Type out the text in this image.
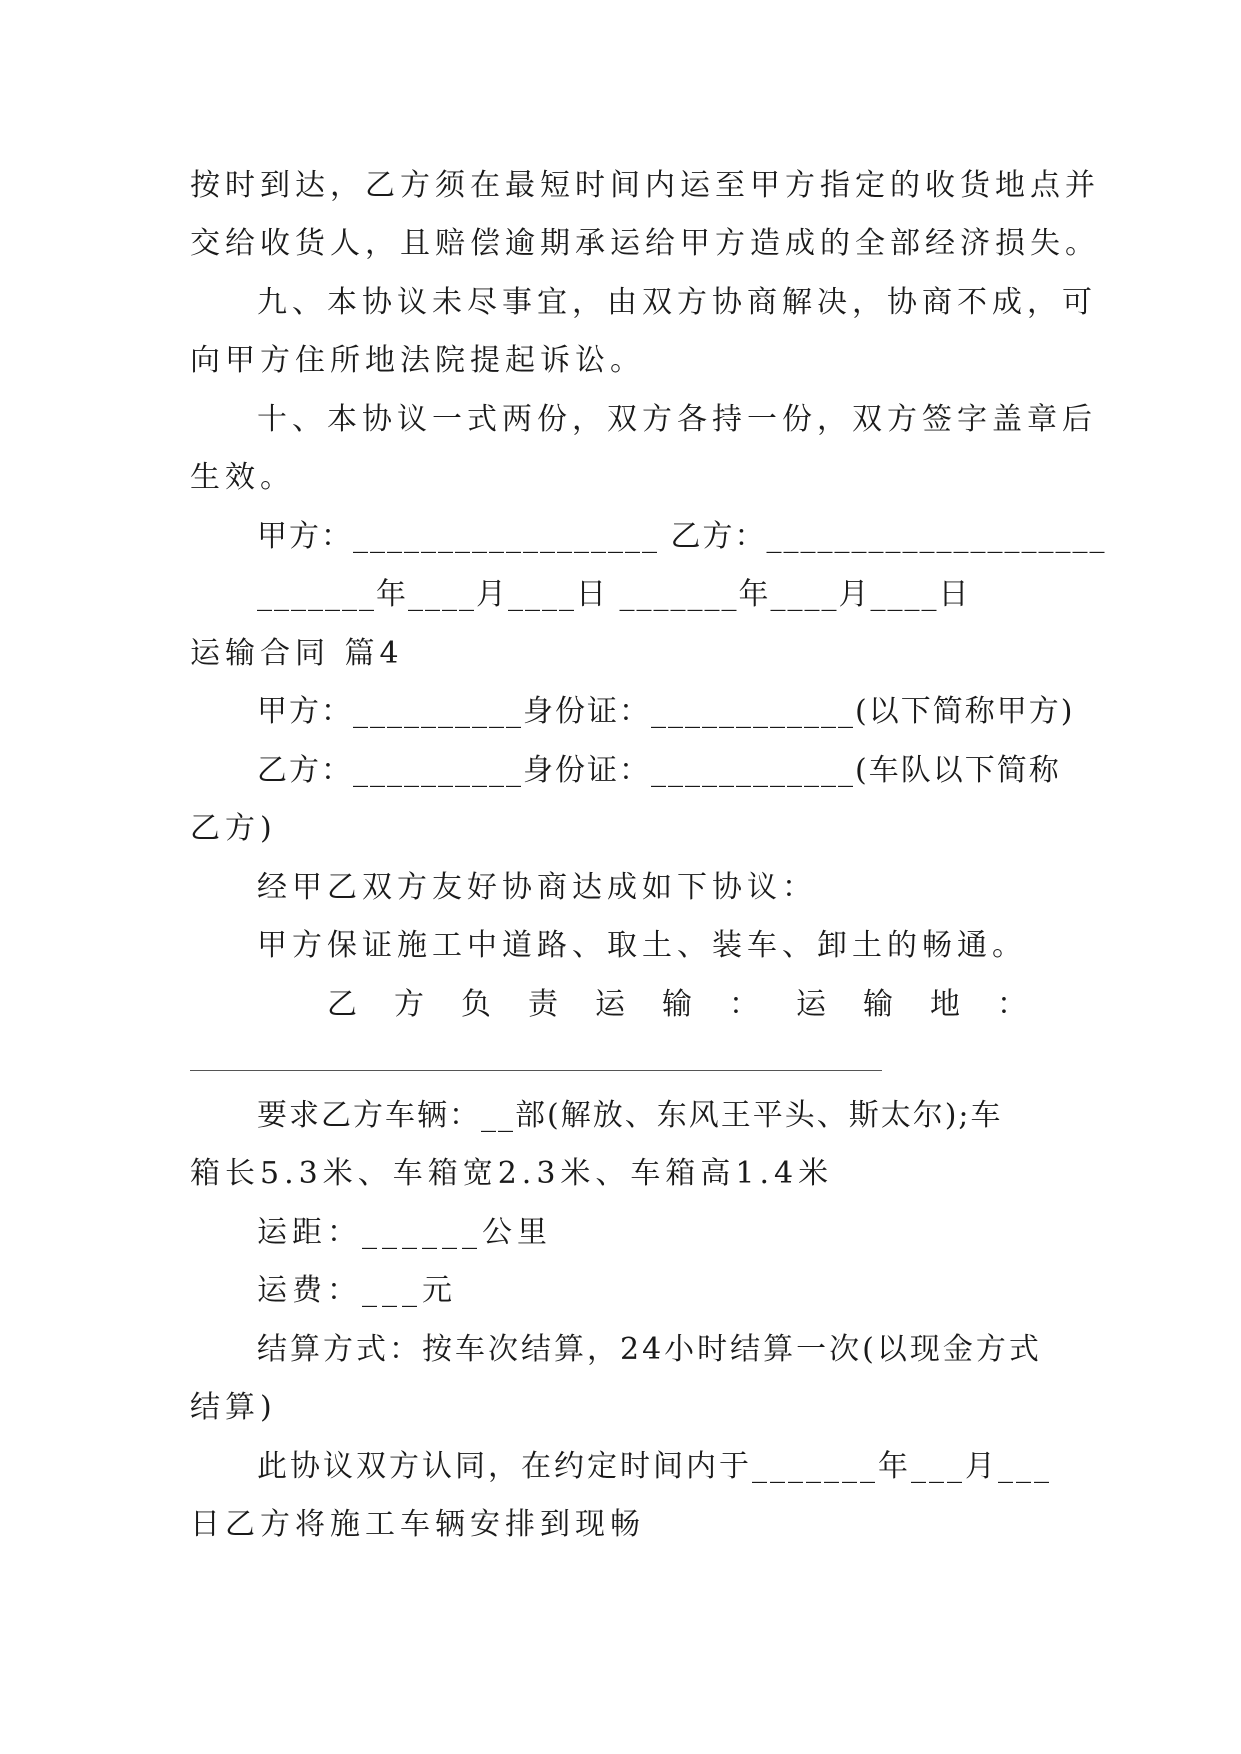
按时到达，乙方须在最短时间内运至甲方指定的收货地点并
交给收货人，且赔偿逾期承运给甲方造成的全部经济损失。
九、本协议未尽事宜，由双方协商解决，协商不成，可
向甲方住所地法院提起诉讼。
十、本协议一式两份，双方各持一份，双方签字盖章后
生效。
甲方：__________________ 乙方：____________________
_______年____月____日 _______年____月____日
运输合同 篇4
甲方：__________身份证：____________(以下简称甲方)
乙方：__________身份证：____________(车队以下简称
乙方)
经甲乙双方友好协商达成如下协议：
甲方保证施工中道路、取土、装车、卸土的畅通。
乙 方 负 责 运 输 ： 运 输 地 ：
要求乙方车辆：__部(解放、东风王平头、斯太尔);车
箱长5.3米、车箱宽2.3米、车箱高1.4米
运距：______公里
运费：___元
结算方式：按车次结算，24小时结算一次(以现金方式
结算)
此协议双方认同，在约定时间内于_______年___月___
日乙方将施工车辆安排到现畅
